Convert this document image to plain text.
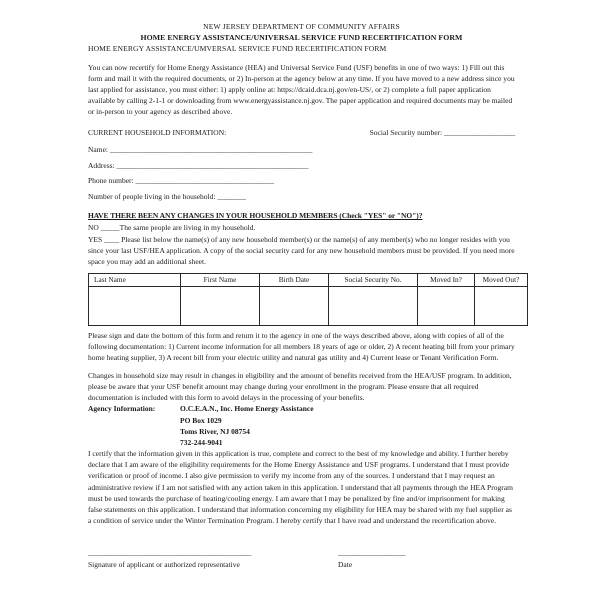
NEW JERSEY DEPARTMENT OF COMMUNITY AFFAIRS
HOME ENERGY ASSISTANCE/UNIVERSAL SERVICE FUND RECERTIFICATION FORM
HOME ENERGY ASSISTANCE/UMVERSAL SERVICE FUND RECERTIFICATION FORM

You can now recertify for Home Energy Assistance (HEA) and Universal Service Fund (USF) benefits in one of two ways: 1) Fill out this form and mail it with the required documents, or 2) In-person at the agency below at any time. If you have moved to a new address since you last applied for assistance, you must either: 1) apply online at: https://dcaid.dca.nj.gov/en-US/, or 2) complete a full paper application available by calling 2-1-1 or downloading from www.energyassistance.nj.gov. The paper application and required documents may be mailed or in-person to your agency as described above.

CURRENT HOUSEHOLD INFORMATION:	Social Security number: ____________________
Name: _________________________________________________________
Address: ______________________________________________________
Phone number: _______________________________________
Number of people living in the household: ________
HAVE THERE BEEN ANY CHANGES IN YOUR HOUSEHOLD MEMBERS (Check "YES" or "NO")?

NO _____The same people are living in my household.

YES ____ Please list below the name(s) of any new household member(s) or the name(s) of any member(s) who no longer resides with you since your last USF/HEA application. A copy of the social security card for any new household members must be provided. If you need more space you may add an additional sheet.

Last Name	First Name	Birth Date	Social Security No.	Moved In?	Moved Out?

Please sign and date the bottom of this form and return it to the agency in one of the ways described above, along with copies of all of the following documentation: 1) Current income information for all members 18 years of age or older, 2) A recent heating bill from your primary home heating supplier, 3) A recent bill from your electric utility and natural gas utility and 4) Current lease or Tenant Verification Form.

Changes in household size may result in changes in eligibility and the amount of benefits received from the HEA/USF program. In addition, please be aware that your USF benefit amount may change during your enrollment in the program. Please ensure that all required documentation is included with this form to avoid delays in the processing of your benefits.

Agency Information:	O.C.E.A.N., Inc. Home Energy Assistance
PO Box 1029
Toms River, NJ 08754
732-244-9041

I certify that the information given in this application is true, complete and correct to the best of my knowledge and ability. I further hereby declare that I am aware of the eligibility requirements for the Home Energy Assistance and USF programs. I understand that I must provide verification or proof of income. I also give permission to verify my income from any of the sources. I understand that I may request an administrative review if I am not satisfied with any action taken in this application. I understand that all payments through the HEA Program must be used towards the purchase of heating/cooling energy. I am aware that I may be penalized by fine and/or imprisonment for making false statements on this application. I understand that information concerning my eligibility for HEA may be shared with my fuel supplier as a condition of service under the Winter Termination Program. I hereby certify that I have read and understand the recertification above.

______________________________________________	___________________
Signature of applicant or authorized representative	Date
